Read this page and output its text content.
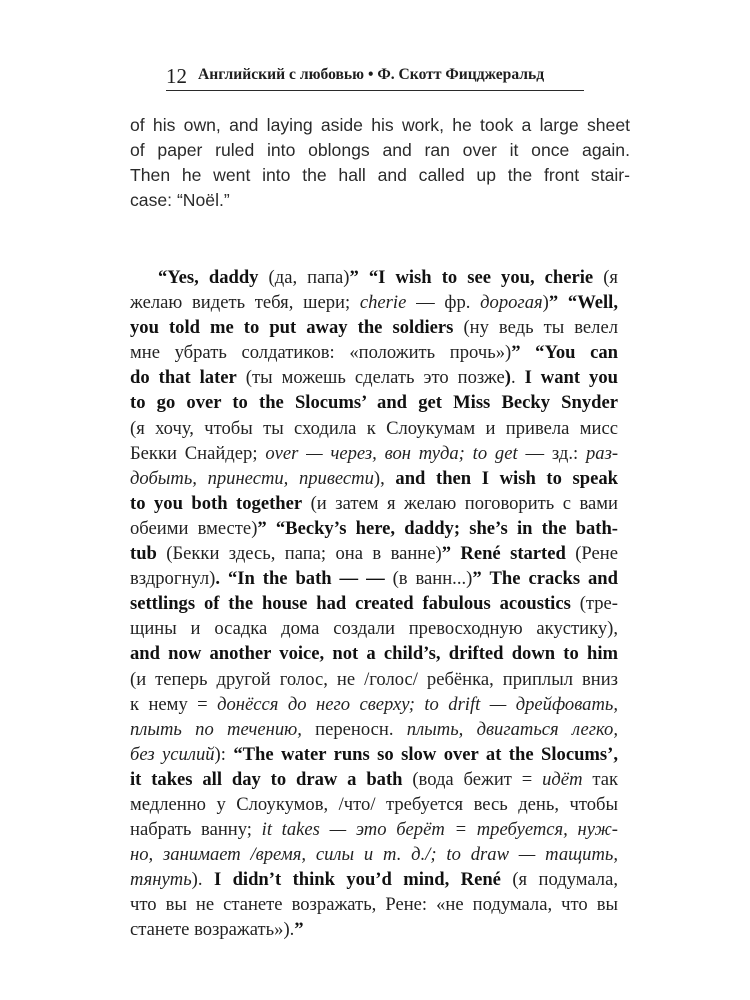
12 Английский с любовью • Ф. Скотт Фицджеральд
of his own, and laying aside his work, he took a large sheet
of paper ruled into oblongs and ran over it once again.
Then he went into the hall and called up the front stair-
case: “Noël.”
“Yes, daddy (да, папа)” “I wish to see you, cherie (я
желаю видеть тебя, шери; cherie — фр. дорогая)” “Well,
you told me to put away the soldiers (ну ведь ты велел
мне убрать солдатиков: «положить прочь»)” “You can
do that later (ты можешь сделать это позже). I want you
to go over to the Slocums’ and get Miss Becky Snyder
(я хочу, чтобы ты сходила к Слоукумам и привела мисс
Бекки Снайдер; over — через, вон туда; to get — зд.: раз-
добыть, принести, привести), and then I wish to speak
to you both together (и затем я желаю поговорить с вами
обеими вместе)” “Becky’s here, daddy; she’s in the bath-
tub (Бекки здесь, папа; она в ванне)” René started (Рене
вздрогнул). “In the bath — — (в ванн...)” The cracks and
settlings of the house had created fabulous acoustics (тре-
щины и осадка дома создали превосходную акустику),
and now another voice, not a child’s, drifted down to him
(и теперь другой голос, не /голос/ ребёнка, приплыл вниз
к нему = донёсся до него сверху; to drift — дрейфовать,
плыть по течению, переносн. плыть, двигаться легко,
без усилий): “The water runs so slow over at the Slocums’,
it takes all day to draw a bath (вода бежит = идёт так
медленно у Слоукумов, /что/ требуется весь день, чтобы
набрать ванну; it takes — это берёт = требуется, нуж-
но, занимает /время, силы и т. д./; to draw — тащить,
тянуть). I didn’t think you’d mind, René (я подумала,
что вы не станете возражать, Рене: «не подумала, что вы
станете возражать»).”
